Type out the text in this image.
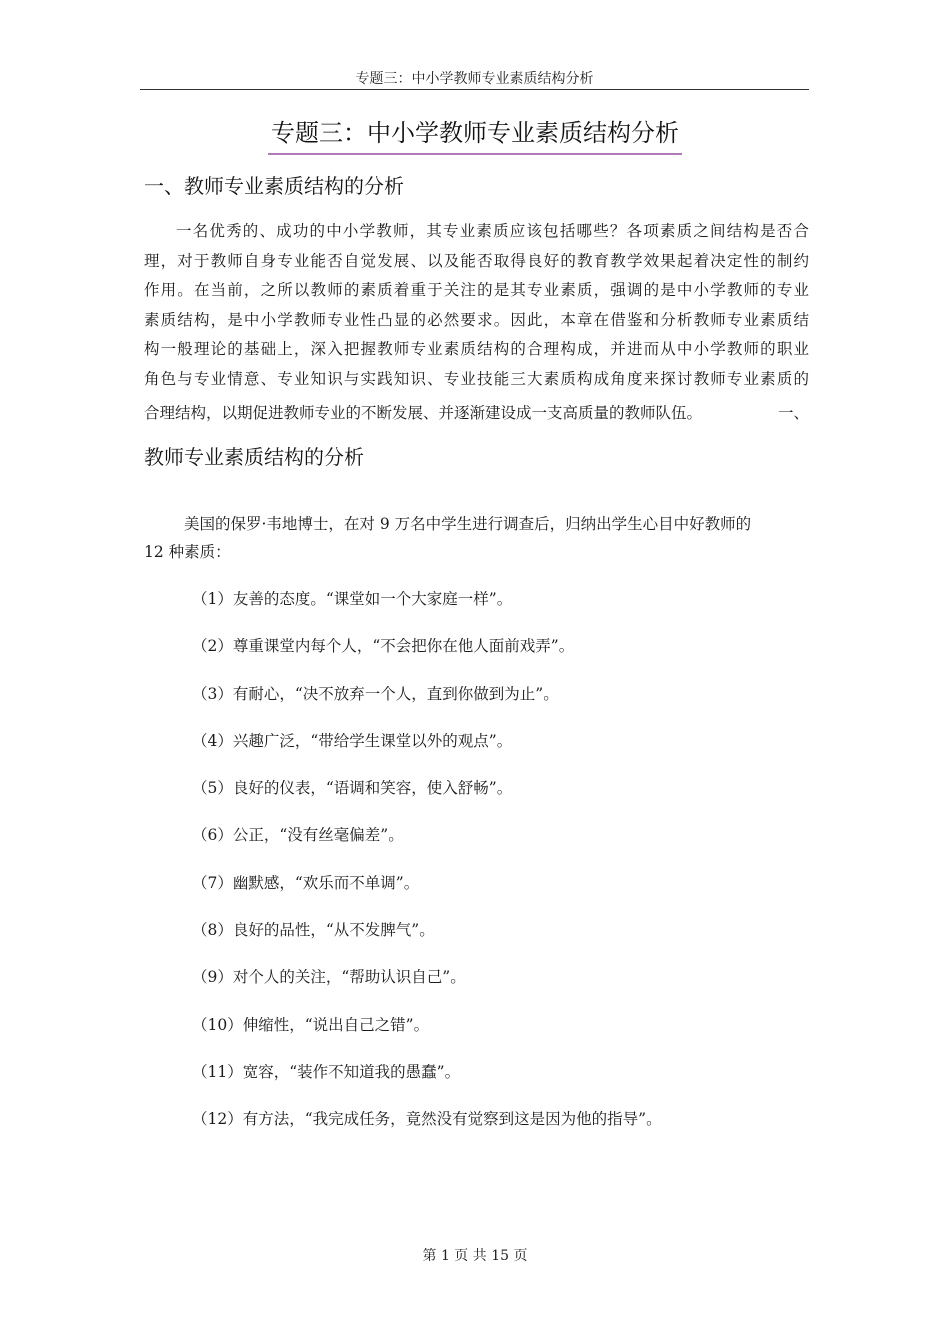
专题三：中小学教师专业素质结构分析
专题三：中小学教师专业素质结构分析
一、教师专业素质结构的分析
一名优秀的、成功的中小学教师，其专业素质应该包括哪些？各项素质之间结构是否合
理，对于教师自身专业能否自觉发展、以及能否取得良好的教育教学效果起着决定性的制约
作用。在当前，之所以教师的素质着重于关注的是其专业素质，强调的是中小学教师的专业
素质结构，是中小学教师专业性凸显的必然要求。因此，本章在借鉴和分析教师专业素质结
构一般理论的基础上，深入把握教师专业素质结构的合理构成，并进而从中小学教师的职业
角色与专业情意、专业知识与实践知识、专业技能三大素质构成角度来探讨教师专业素质的
合理结构，以期促进教师专业的不断发展、并逐渐建设成一支高质量的教师队伍。	一、
教师专业素质结构的分析
美国的保罗·韦地博士，在对 9 万名中学生进行调查后，归纳出学生心目中好教师的
12 种素质：
（1）友善的态度。“课堂如一个大家庭一样”。
（2）尊重课堂内每个人，“不会把你在他人面前戏弄”。
（3）有耐心，“决不放弃一个人，直到你做到为止”。
（4）兴趣广泛，“带给学生课堂以外的观点”。
（5）良好的仪表，“语调和笑容，使入舒畅”。
（6）公正，“没有丝毫偏差”。
（7）幽默感，“欢乐而不单调”。
（8）良好的品性，“从不发脾气”。
（9）对个人的关注，“帮助认识自己”。
（10）伸缩性，“说出自己之错”。
（11）宽容，“装作不知道我的愚蠢”。
（12）有方法，“我完成任务，竟然没有觉察到这是因为他的指导”。
第 1 页 共 15 页
